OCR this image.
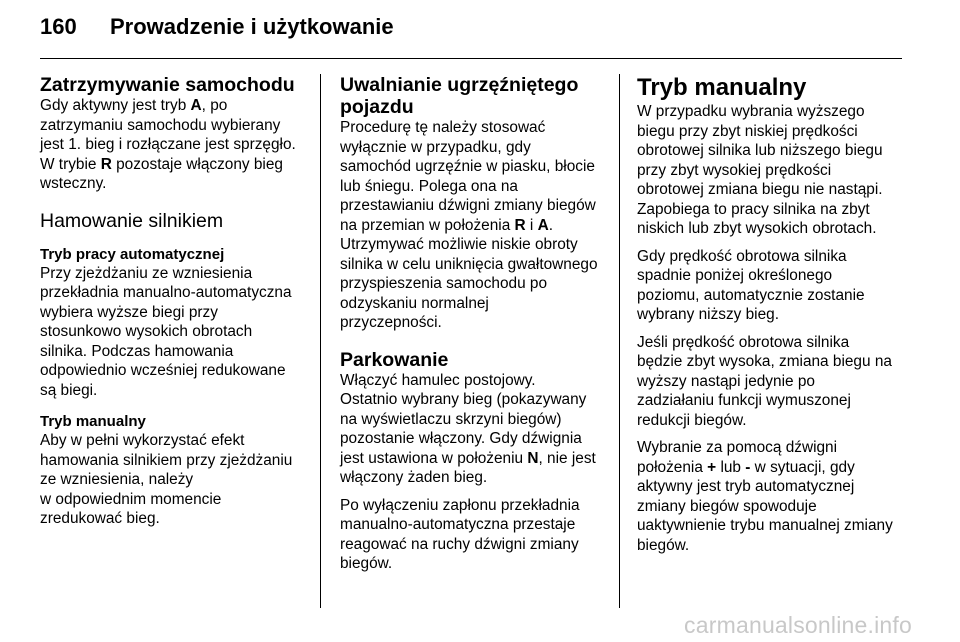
160	Prowadzenie i użytkowanie
Zatrzymywanie samochodu

Gdy aktywny jest tryb A, po
zatrzymaniu samochodu wybierany
jest 1. bieg i rozłączane jest sprzęgło.
W trybie R pozostaje włączony bieg
wsteczny.

Hamowanie silnikiem
Tryb pracy automatycznej

Przy zjeżdżaniu ze wzniesienia
przekładnia manualno-automatyczna
wybiera wyższe biegi przy
stosunkowo wysokich obrotach
silnika. Podczas hamowania
odpowiednio wcześniej redukowane
są biegi.

Tryb manualny

Aby w pełni wykorzystać efekt
hamowania silnikiem przy zjeżdżaniu
ze wzniesienia, należy
w odpowiednim momencie
zredukować bieg.

Uwalnianie ugrzęźniętego
pojazdu

Procedurę tę należy stosować
wyłącznie w przypadku, gdy
samochód ugrzęźnie w piasku, błocie
lub śniegu. Polega ona na
przestawianiu dźwigni zmiany biegów
na przemian w położenia R i A.
Utrzymywać możliwie niskie obroty
silnika w celu uniknięcia gwałtownego
przyspieszenia samochodu po
odzyskaniu normalnej
przyczepności.

Parkowanie

Włączyć hamulec postojowy.
Ostatnio wybrany bieg (pokazywany
na wyświetlaczu skrzyni biegów)
pozostanie włączony. Gdy dźwignia
jest ustawiona w położeniu N, nie jest
włączony żaden bieg.

Po wyłączeniu zapłonu przekładnia
manualno-automatyczna przestaje
reagować na ruchy dźwigni zmiany
biegów.

Tryb manualny

W przypadku wybrania wyższego
biegu przy zbyt niskiej prędkości
obrotowej silnika lub niższego biegu
przy zbyt wysokiej prędkości
obrotowej zmiana biegu nie nastąpi.
Zapobiega to pracy silnika na zbyt
niskich lub zbyt wysokich obrotach.

Gdy prędkość obrotowa silnika
spadnie poniżej określonego
poziomu, automatycznie zostanie
wybrany niższy bieg.

Jeśli prędkość obrotowa silnika
będzie zbyt wysoka, zmiana biegu na
wyższy nastąpi jedynie po
zadziałaniu funkcji wymuszonej
redukcji biegów.

Wybranie za pomocą dźwigni
położenia + lub - w sytuacji, gdy
aktywny jest tryb automatycznej
zmiany biegów spowoduje
uaktywnienie trybu manualnej zmiany
biegów.

carmanualsonline.info
